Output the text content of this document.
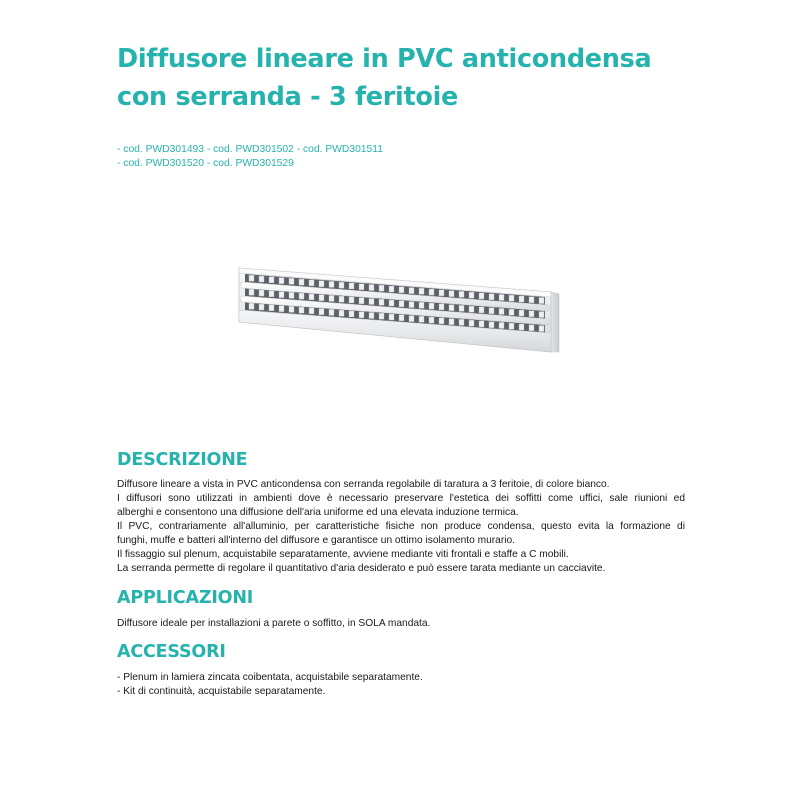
Diffusore lineare in PVC anticondensa
con serranda - 3 feritoie
- cod. PWD301493 - cod. PWD301502 - cod. PWD301511
- cod. PWD301520 - cod. PWD301529
DESCRIZIONE
Diffusore lineare a vista in PVC anticondensa con serranda regolabile di taratura a 3 feritoie, di colore bianco.
I diffusori sono utilizzati in ambienti dove è necessario preservare l'estetica dei soffitti come uffici, sale riunioni ed
alberghi e consentono una diffusione dell'aria uniforme ed una elevata induzione termica.
Il PVC, contrariamente all'alluminio, per caratteristiche fisiche non produce condensa, questo evita la formazione di
funghi, muffe e batteri all'interno del diffusore e garantisce un ottimo isolamento murario.
Il fissaggio sul plenum, acquistabile separatamente, avviene mediante viti frontali e staffe a C mobili.
La serranda permette di regolare il quantitativo d'aria desiderato e può essere tarata mediante un cacciavite.
APPLICAZIONI
Diffusore ideale per installazioni a parete o soffitto, in SOLA mandata.
ACCESSORI
- Plenum in lamiera zincata coibentata, acquistabile separatamente.
- Kit di continuità, acquistabile separatamente.
